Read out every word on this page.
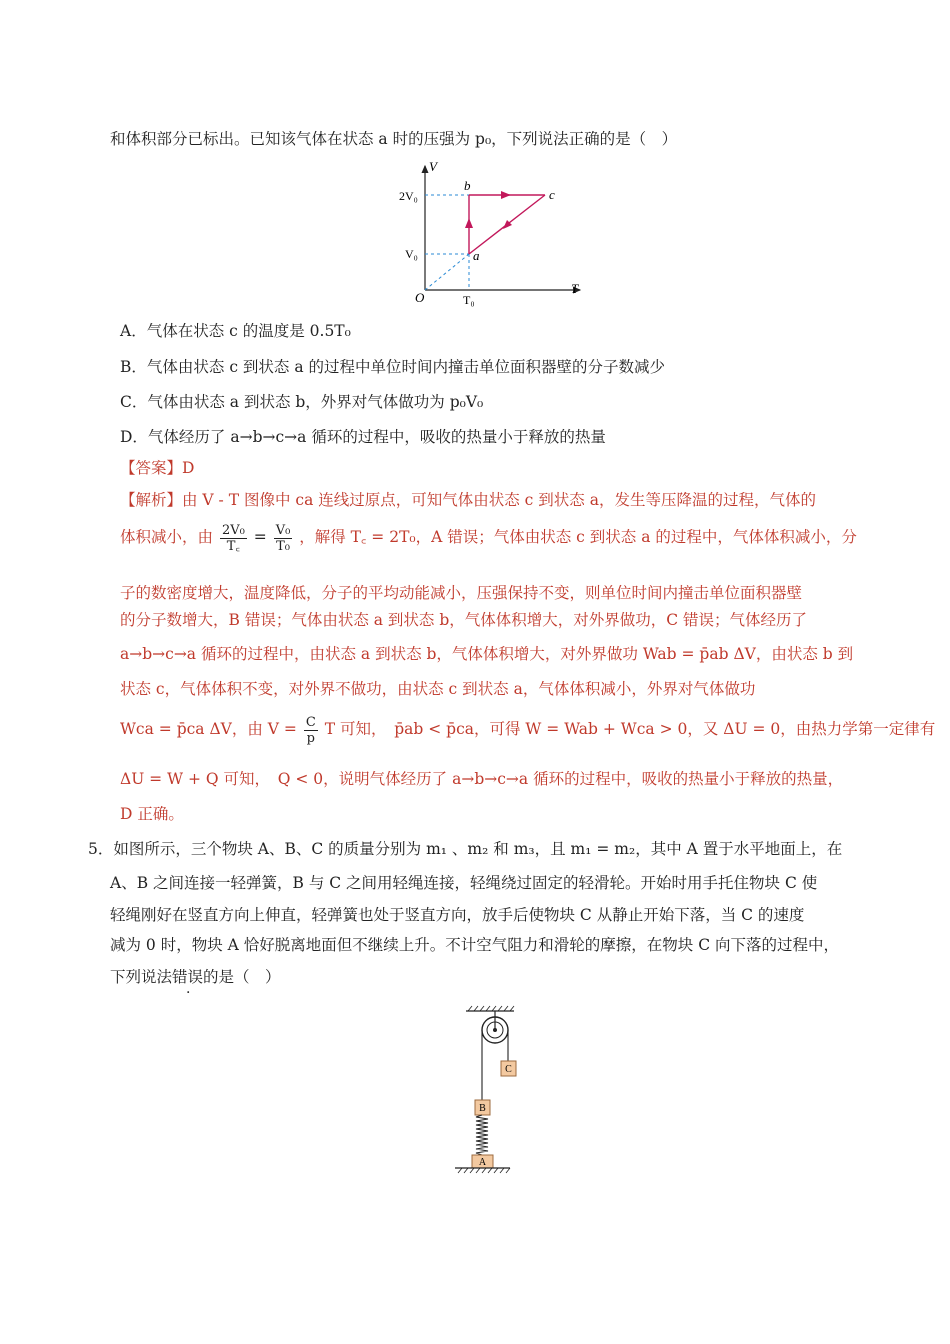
和体积部分已标出。已知该气体在状态 a 时的压强为 p₀，下列说法正确的是（　）
V
T
O
2V₀
V₀
T₀
a
b
c
A．气体在状态 c 的温度是 0.5T₀
B．气体由状态 c 到状态 a 的过程中单位时间内撞击单位面积器壁的分子数减少
C．气体由状态 a 到状态 b，外界对气体做功为 p₀V₀
D．气体经历了 a→b→c→a 循环的过程中，吸收的热量小于释放的热量
【答案】D
【解析】由 V - T 图像中 ca 连线过原点，可知气体由状态 c 到状态 a，发生等压降温的过程，气体的
体积减小，由 $\frac{\text{2V₀}}{T꜀} = \frac{\text{V₀}}{\text{T₀}}$ ，解得 T꜀ = 2T₀，A 错误；气体由状态 c 到状态 a 的过程中，气体体积减小，分
子的数密度增大，温度降低，分子的平均动能减小，压强保持不变，则单位时间内撞击单位面积器壁
的分子数增大，B 错误；气体由状态 a 到状态 b，气体体积增大，对外界做功，C 错误；气体经历了
a→b→c→a 循环的过程中，由状态 a 到状态 b，气体体积增大，对外界做功 Wab = p̄ab ΔV，由状态 b 到
状态 c，气体体积不变，对外界不做功，由状态 c 到状态 a，气体体积减小，外界对气体做功
Wca = p̄ca ΔV，由 $V = \frac{C}{p}$ T 可知，　p̄ab < p̄ca，可得 W = Wab + Wca > 0，又 ΔU = 0，由热力学第一定律有
ΔU = W + Q 可知，　Q < 0，说明气体经历了 a→b→c→a 循环的过程中，吸收的热量小于释放的热量，
D 正确。
5．如图所示，三个物块 A、B、C 的质量分别为 m₁ 、m₂ 和 m₃，且 m₁ = m₂，其中 A 置于水平地面上，在
A、B 之间连接一轻弹簧，B 与 C 之间用轻绳连接，轻绳绕过固定的轻滑轮。开始时用手托住物块 C 使
轻绳刚好在竖直方向上伸直，轻弹簧也处于竖直方向，放手后使物块 C 从静止开始下落，当 C 的速度
减为 0 时，物块 A 恰好脱离地面但不继续上升。不计空气阻力和滑轮的摩擦，在物块 C 向下落的过程中，
下列说法错误的是（　）
C
B
A
